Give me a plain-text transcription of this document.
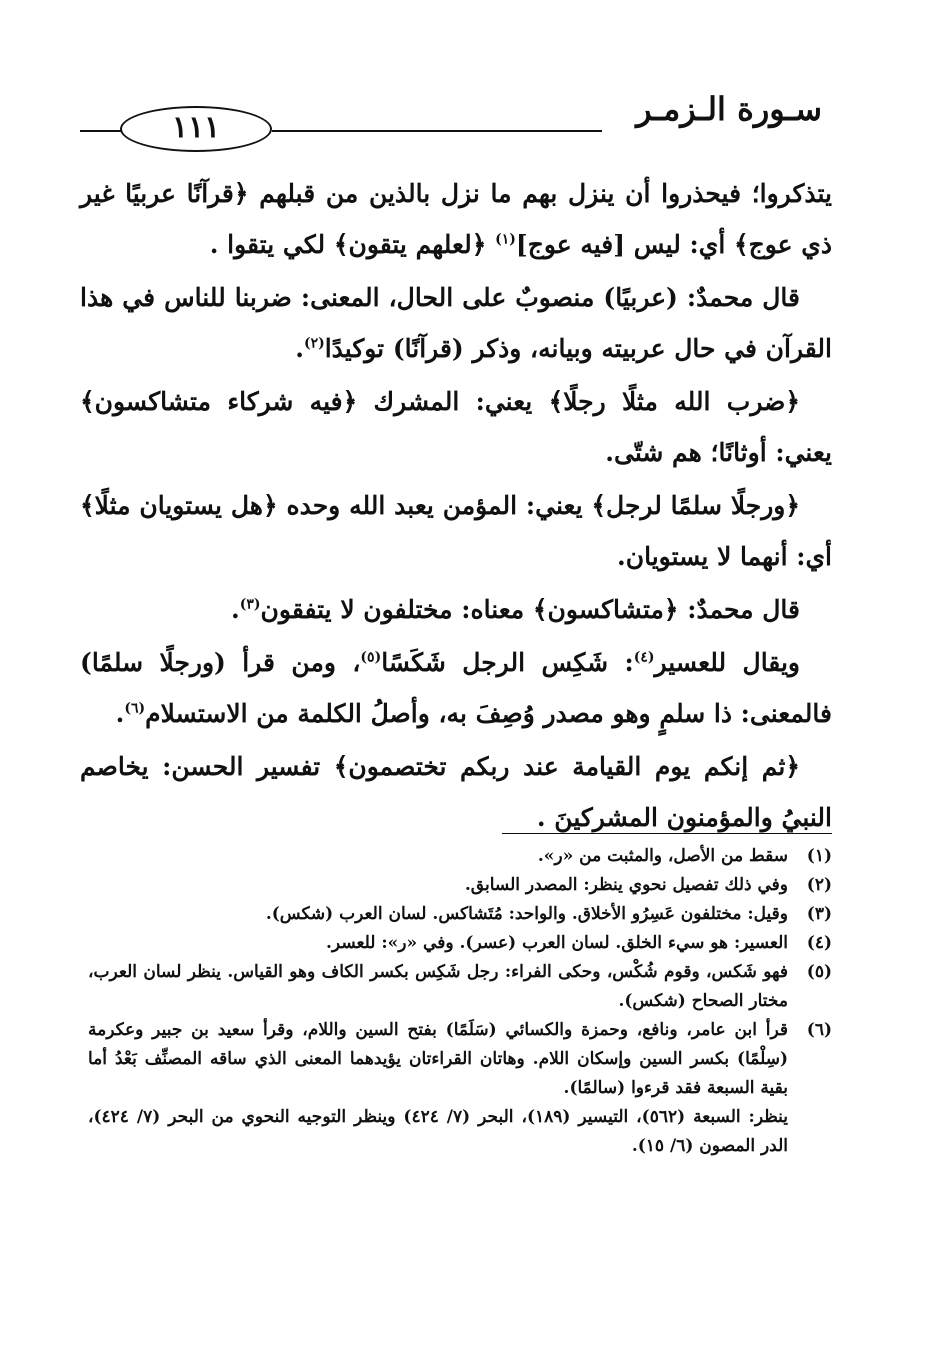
١١١	سـورة الـزمـر

يتذكروا؛ فيحذروا أن ينزل بهم ما نزل بالذين من قبلهم ﴿قرآنًا عربيًا غير ذي عوج﴾ أي: ليس [فيه عوج]$^{(١)}$ ﴿لعلهم يتقون﴾ لكي يتقوا .

قال محمدٌ: (عربيًا) منصوبٌ على الحال، المعنى: ضربنا للناس في هذا القرآن في حال عربيته وبيانه، وذكر (قرآنًا) توكيدًا$^{(٢)}$.

﴿ضرب الله مثلًا رجلًا﴾ يعني: المشرك ﴿فيه شركاء متشاكسون﴾ يعني: أوثانًا؛ هم شتّى.

﴿ورجلًا سلمًا لرجل﴾ يعني: المؤمن يعبد الله وحده ﴿هل يستويان مثلًا﴾ أي: أنهما لا يستويان.

قال محمدٌ: ﴿متشاكسون﴾ معناه: مختلفون لا يتفقون$^{(٣)}$.

ويقال للعسير$^{(٤)}$: شَكِس الرجل شَكَسًا$^{(٥)}$، ومن قرأ (ورجلًا سلمًا) فالمعنى: ذا سلمٍ وهو مصدر وُصِفَ به، وأصلُ الكلمة من الاستسلام$^{(٦)}$.

﴿ثم إنكم يوم القيامة عند ربكم تختصمون﴾ تفسير الحسن: يخاصم النبيُ والمؤمنون المشركينَ .

(١)
سقط من الأصل، والمثبت من «ر».
(٢)
وفي ذلك تفصيل نحوي ينظر: المصدر السابق.
(٣)
وقيل: مختلفون عَسِرُو الأخلاق. والواحد: مُتَشاكس. لسان العرب (شكس).
(٤)
العسير: هو سيء الخلق. لسان العرب (عسر). وفي «ر»: للعسر.
(٥)
فهو شَكس، وقوم شُكْس، وحكى الفراء: رجل شَكِس بكسر الكاف وهو القياس. ينظر لسان العرب، مختار الصحاح (شكس).
(٦)
قرأ ابن عامر، ونافع، وحمزة والكسائي (سَلَمًا) بفتح السين واللام، وقرأ سعيد بن جبير وعكرمة (سِلْمًا) بكسر السين وإسكان اللام. وهاتان القراءتان يؤيدهما المعنى الذي ساقه المصنِّف بَعْدُ أما بقية السبعة فقد قرءوا (سالمًا).
ينظر: السبعة (٥٦٢)، التيسير (١٨٩)، البحر (٧/ ٤٢٤) وينظر التوجيه النحوي من البحر (٧/ ٤٢٤)، الدر المصون (٦/ ١٥).
